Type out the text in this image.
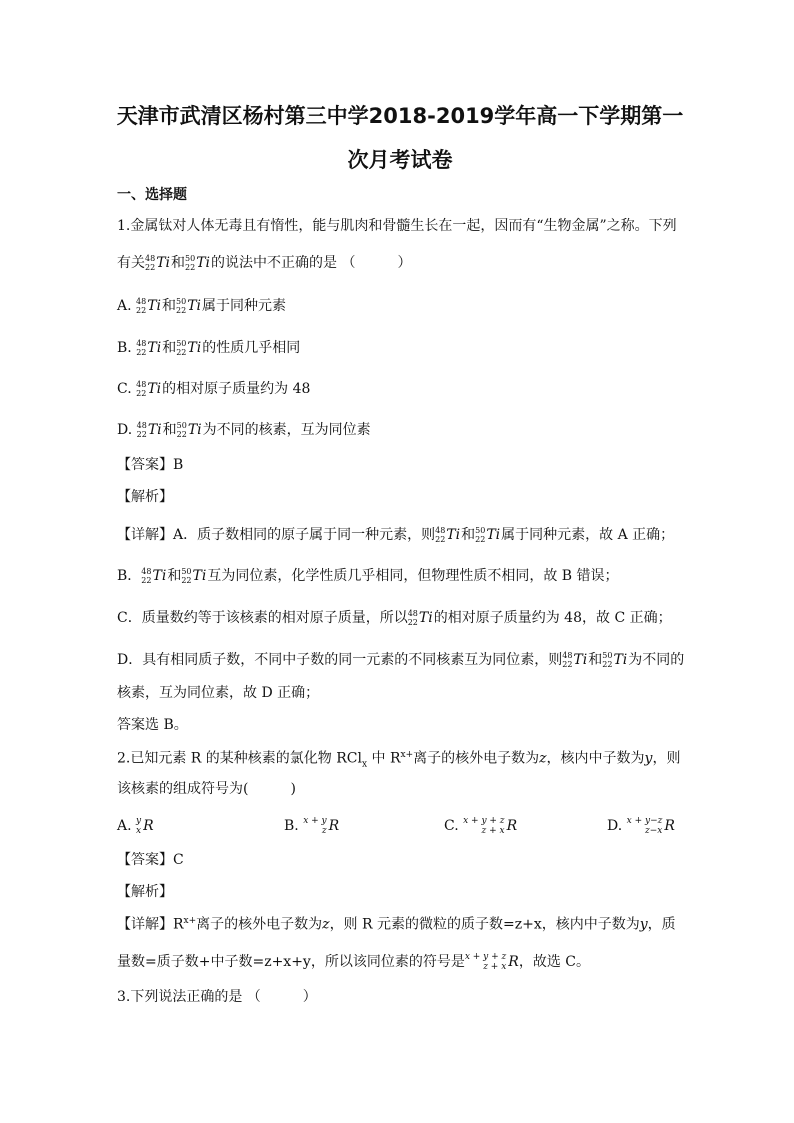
天津市武清区杨村第三中学2018-2019学年高一下学期第一
次月考试卷
一、选择题
1.金属钛对人体无毒且有惰性，能与肌肉和骨髓生长在一起，因而有“生物金属”之称。下列
有关 48
22 Ti和 50
22 Ti的说法中不正确的是 （　　　）
A. 48
22 Ti和 50
22 Ti属于同种元素
B. 48
22 Ti和 50
22 Ti的性质几乎相同
C. 48
22 Ti的相对原子质量约为 48
D. 48
22 Ti和 50
22 Ti为不同的核素，互为同位素
【答案】B
【解析】
【详解】A．质子数相同的原子属于同一种元素，则 48
22 Ti和 50
22 Ti属于同种元素，故 A 正确；
B． 48
22 Ti和 50
22 Ti互为同位素，化学性质几乎相同，但物理性质不相同，故 B 错误；
C．质量数约等于该核素的相对原子质量，所以 48
22 Ti的相对原子质量约为 48，故 C 正确；
D．具有相同质子数，不同中子数的同一元素的不同核素互为同位素，则 48
22 Ti和 50
22 Ti为不同的
核素，互为同位素，故 D 正确；
答案选 B。
2.已知元素 R 的某种核素的氯化物 RCl$_x$ 中 $R^{x+}$离子的核外电子数为z，核内中子数为y，则
该核素的组成符号为(　　　)
A. y
x R	B. x + y
z R	C. x + y + z
z + x R	D. x + y−z
z−x R
【答案】C
【解析】
【详解】$R^{x+}$离子的核外电子数为z，则 R 元素的微粒的质子数=z+x，核内中子数为y，质
量数=质子数+中子数=z+x+y，所以该同位素的符号是 x + y + z
z + x R，故选 C。
3.下列说法正确的是 （　　　）
